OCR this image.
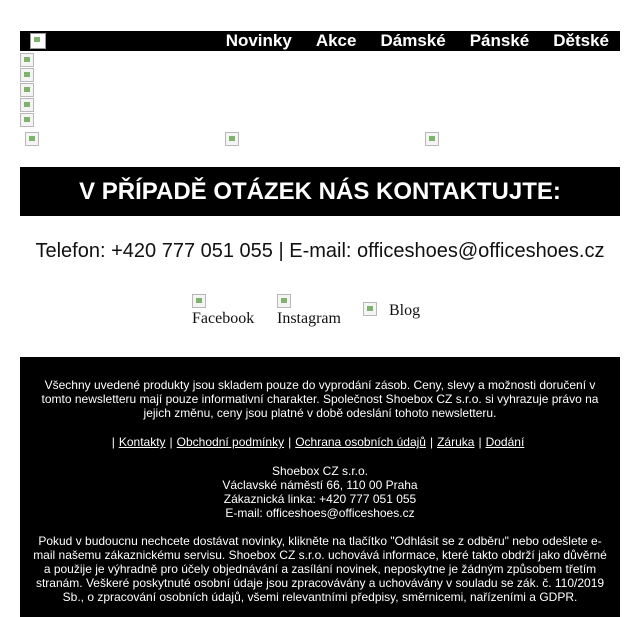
Novinky	Akce	Dámské	Pánské	Dětské
V PŘÍPADĚ OTÁZEK NÁS KONTAKTUJTE:
Telefon: +420 777 051 055 | E-mail: officeshoes@officeshoes.cz
Facebook Instagram	Blog

Všechny uvedené produkty jsou skladem pouze do vyprodání zásob. Ceny, slevy a možnosti doručení v tomto newsletteru mají pouze informativní charakter. Společnost Shoebox CZ s.r.o. si vyhrazuje právo na jejich změnu, ceny jsou platné v době odeslání tohoto newsletteru.

| Kontakty | Obchodní podmínky | Ochrana osobních údajů | Záruka | Dodání

Shoebox CZ s.r.o.

Václavské náměstí 66, 110 00 Praha

Zákaznická linka: +420 777 051 055

E-mail: officeshoes@officeshoes.cz

Pokud v budoucnu nechcete dostávat novinky, klikněte na tlačítko "Odhlásit se z odběru" nebo odešlete e-mail našemu zákaznickému servisu. Shoebox CZ s.r.o. uchovává informace, které takto obdrží jako důvěrné a použije je výhradně pro účely objednávání a zasílání novinek, neposkytne je žádným způsobem třetím stranám. Veškeré poskytnuté osobní údaje jsou zpracovávány a uchovávány v souladu se zák. č. 110/2019 Sb., o zpracování osobních údajů, všemi relevantními předpisy, směrnicemi, nařízeními a GDPR.
